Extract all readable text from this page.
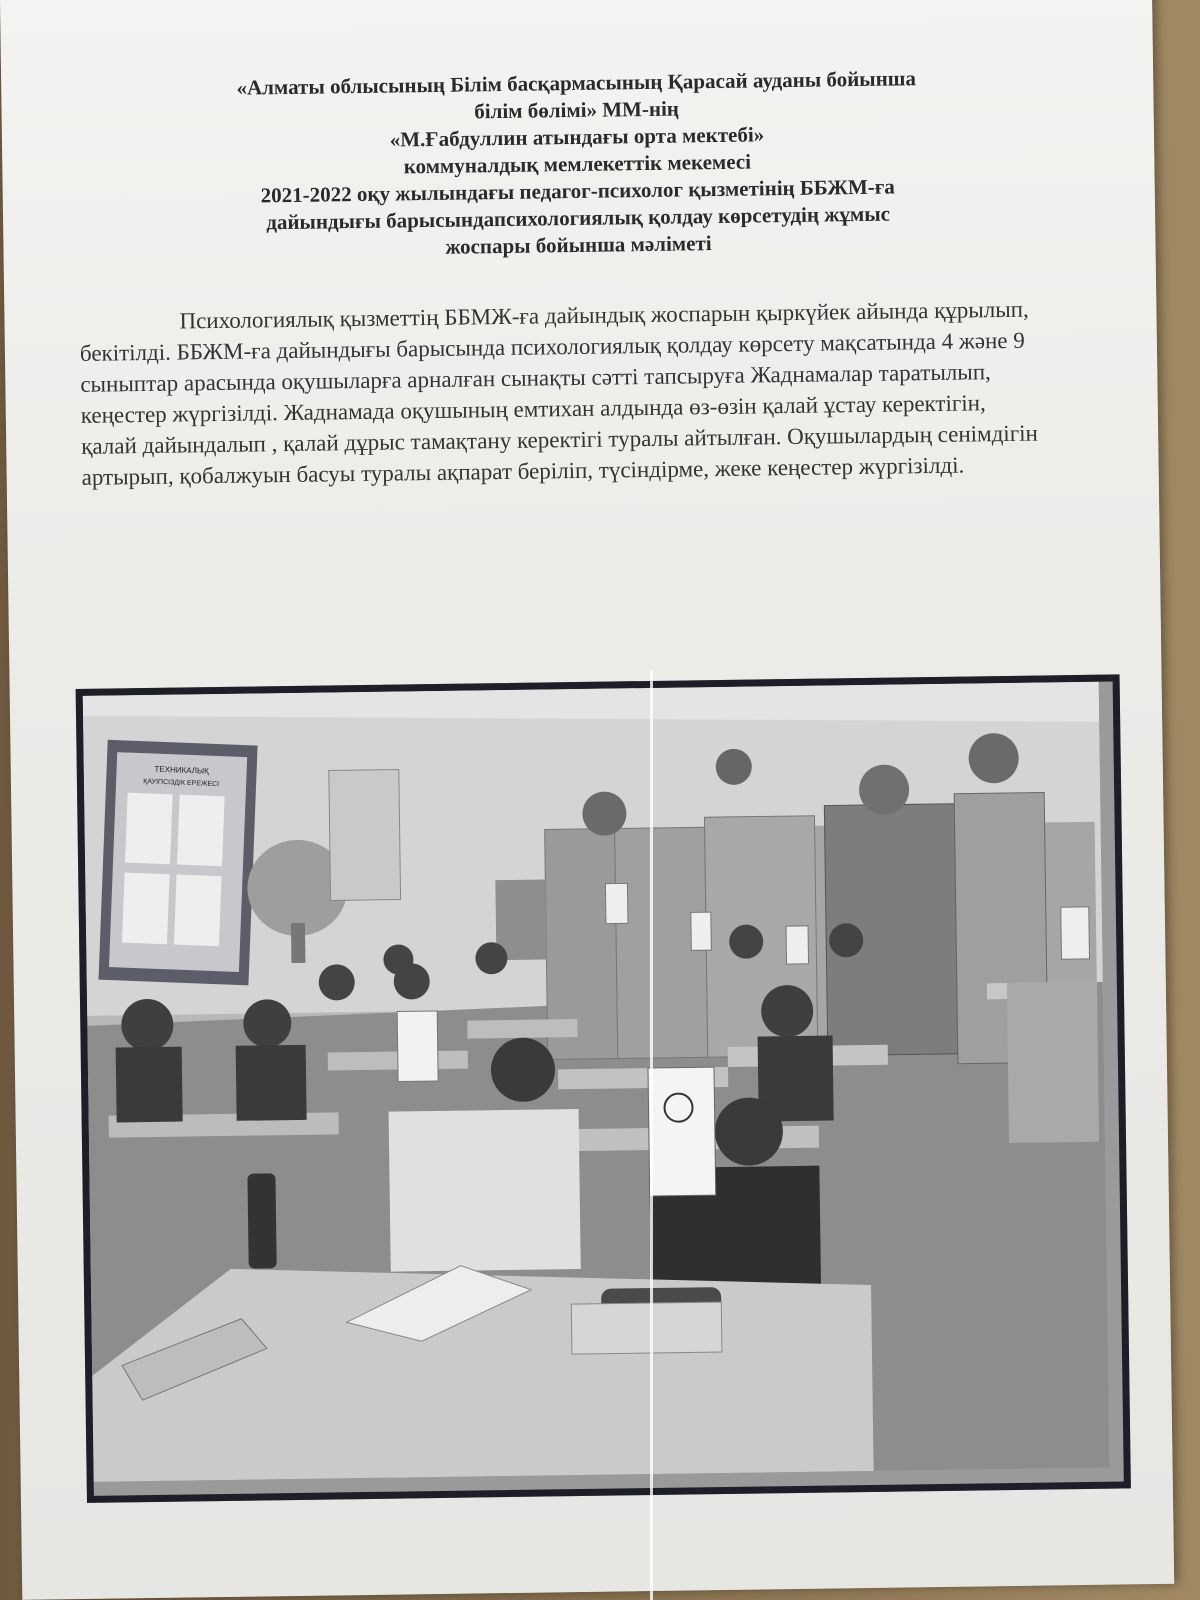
«Алматы облысының Білім басқармасының Қарасай ауданы бойынша
білім бөлімі» ММ-нің
«М.Ғабдуллин атындағы орта мектебі»
коммуналдық мемлекеттік мекемесі
2021-2022 оқу жылындағы педагог-психолог қызметінің ББЖМ-ға
дайындығы барысындапсихологиялық қолдау көрсетудің жұмыс
жоспары бойынша мәліметі

Психологиялық қызметтің ББМЖ-ға дайындық жоспарын қыркүйек айында құрылып, бекітілді. ББЖМ-ға дайындығы барысында психологиялық қолдау көрсету мақсатында 4 және 9 сыныптар арасында оқушыларға арналған сынақты сәтті тапсыруға Жаднамалар таратылып, кеңестер жүргізілді. Жаднамада оқушының емтихан алдында өз-өзін қалай ұстау керектігін, қалай дайындалып , қалай дұрыс тамақтану керектігі туралы айтылған. Оқушылардың сенімдігін артырып, қобалжуын басуы туралы ақпарат беріліп, түсіндірме, жеке кеңестер жүргізілді.

ТЕХНИКАЛЫҚ
ҚАУІПСІЗДІК ЕРЕЖЕСІ
